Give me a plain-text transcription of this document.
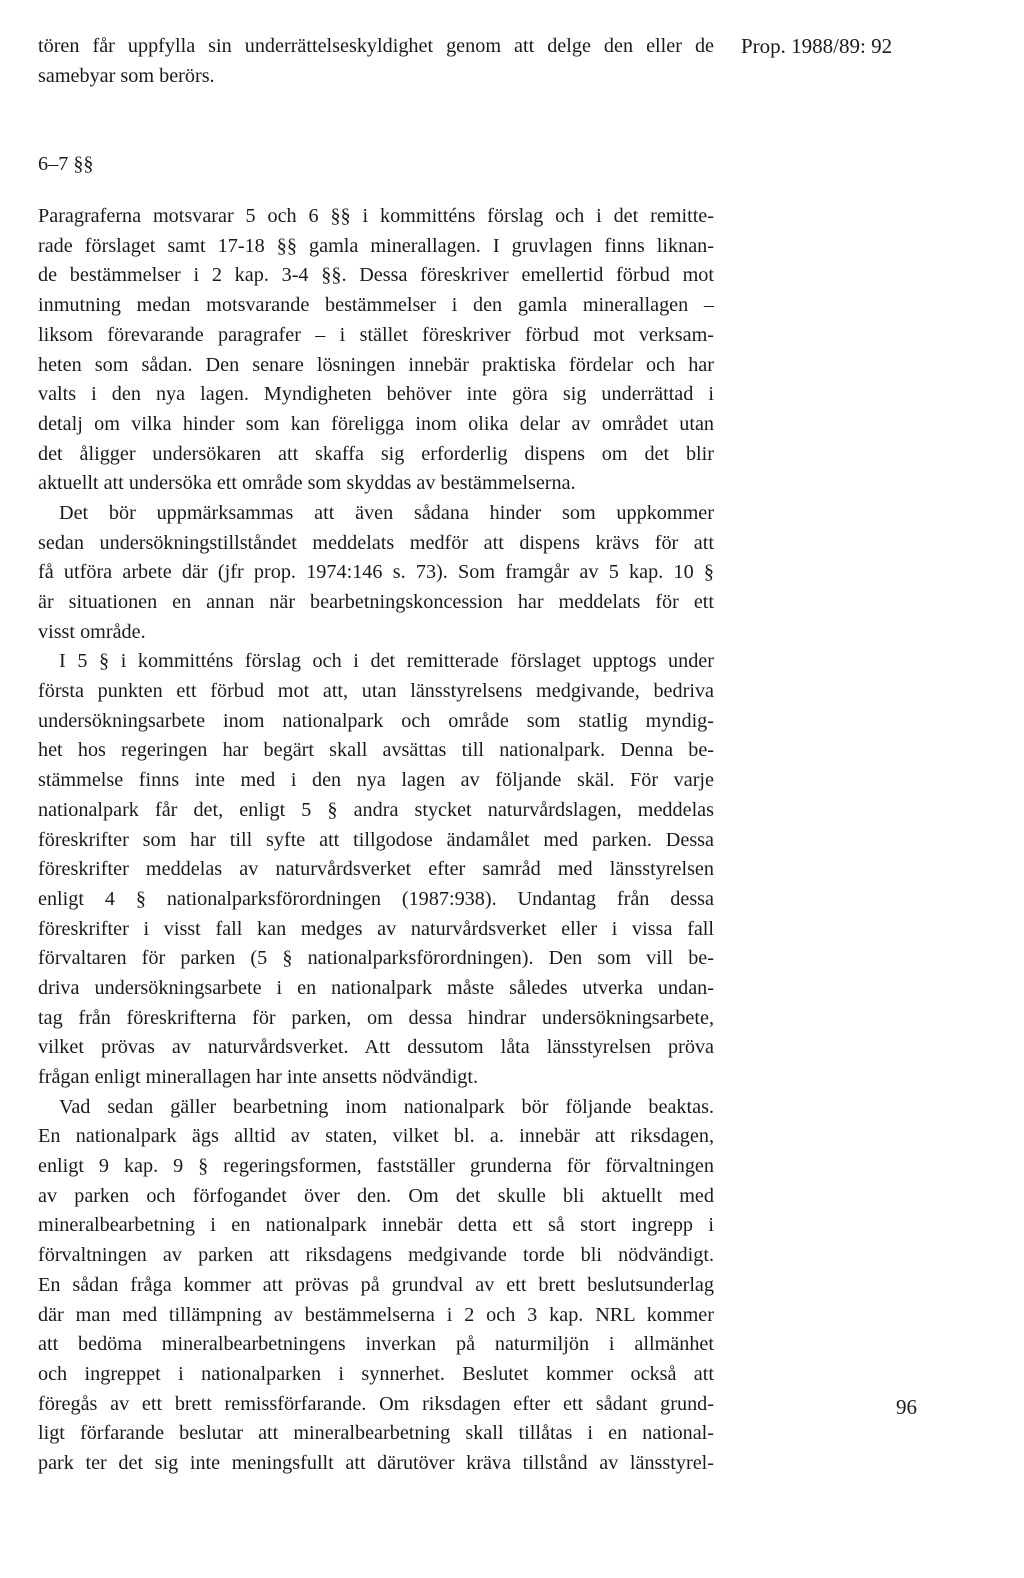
Prop. 1988/89: 92
tören får uppfylla sin underrättelseskyldighet genom att delge den eller de
samebyar som berörs.
6–7 §§
Paragraferna motsvarar 5 och 6 §§ i kommitténs förslag och i det remitte-
rade förslaget samt 17-18 §§ gamla minerallagen. I gruvlagen finns liknan-
de bestämmelser i 2 kap. 3-4 §§. Dessa föreskriver emellertid förbud mot
inmutning medan motsvarande bestämmelser i den gamla minerallagen –
liksom förevarande paragrafer – i stället föreskriver förbud mot verksam-
heten som sådan. Den senare lösningen innebär praktiska fördelar och har
valts i den nya lagen. Myndigheten behöver inte göra sig underrättad i
detalj om vilka hinder som kan föreligga inom olika delar av området utan
det åligger undersökaren att skaffa sig erforderlig dispens om det blir
aktuellt att undersöka ett område som skyddas av bestämmelserna.
Det bör uppmärksammas att även sådana hinder som uppkommer
sedan undersökningstillståndet meddelats medför att dispens krävs för att
få utföra arbete där (jfr prop. 1974:146 s. 73). Som framgår av 5 kap. 10 §
är situationen en annan när bearbetningskoncession har meddelats för ett
visst område.
I 5 § i kommitténs förslag och i det remitterade förslaget upptogs under
första punkten ett förbud mot att, utan länsstyrelsens medgivande, bedriva
undersökningsarbete inom nationalpark och område som statlig myndig-
het hos regeringen har begärt skall avsättas till nationalpark. Denna be-
stämmelse finns inte med i den nya lagen av följande skäl. För varje
nationalpark får det, enligt 5 § andra stycket naturvårdslagen, meddelas
föreskrifter som har till syfte att tillgodose ändamålet med parken. Dessa
föreskrifter meddelas av naturvårdsverket efter samråd med länsstyrelsen
enligt 4 § nationalparksförordningen (1987:938). Undantag från dessa
föreskrifter i visst fall kan medges av naturvårdsverket eller i vissa fall
förvaltaren för parken (5 § nationalparksförordningen). Den som vill be-
driva undersökningsarbete i en nationalpark måste således utverka undan-
tag från föreskrifterna för parken, om dessa hindrar undersökningsarbete,
vilket prövas av naturvårdsverket. Att dessutom låta länsstyrelsen pröva
frågan enligt minerallagen har inte ansetts nödvändigt.
Vad sedan gäller bearbetning inom nationalpark bör följande beaktas.
En nationalpark ägs alltid av staten, vilket bl. a. innebär att riksdagen,
enligt 9 kap. 9 § regeringsformen, fastställer grunderna för förvaltningen
av parken och förfogandet över den. Om det skulle bli aktuellt med
mineralbearbetning i en nationalpark innebär detta ett så stort ingrepp i
förvaltningen av parken att riksdagens medgivande torde bli nödvändigt.
En sådan fråga kommer att prövas på grundval av ett brett beslutsunderlag
där man med tillämpning av bestämmelserna i 2 och 3 kap. NRL kommer
att bedöma mineralbearbetningens inverkan på naturmiljön i allmänhet
och ingreppet i nationalparken i synnerhet. Beslutet kommer också att
föregås av ett brett remissförfarande. Om riksdagen efter ett sådant grund-
ligt förfarande beslutar att mineralbearbetning skall tillåtas i en national-
park ter det sig inte meningsfullt att därutöver kräva tillstånd av länsstyrel-
96
